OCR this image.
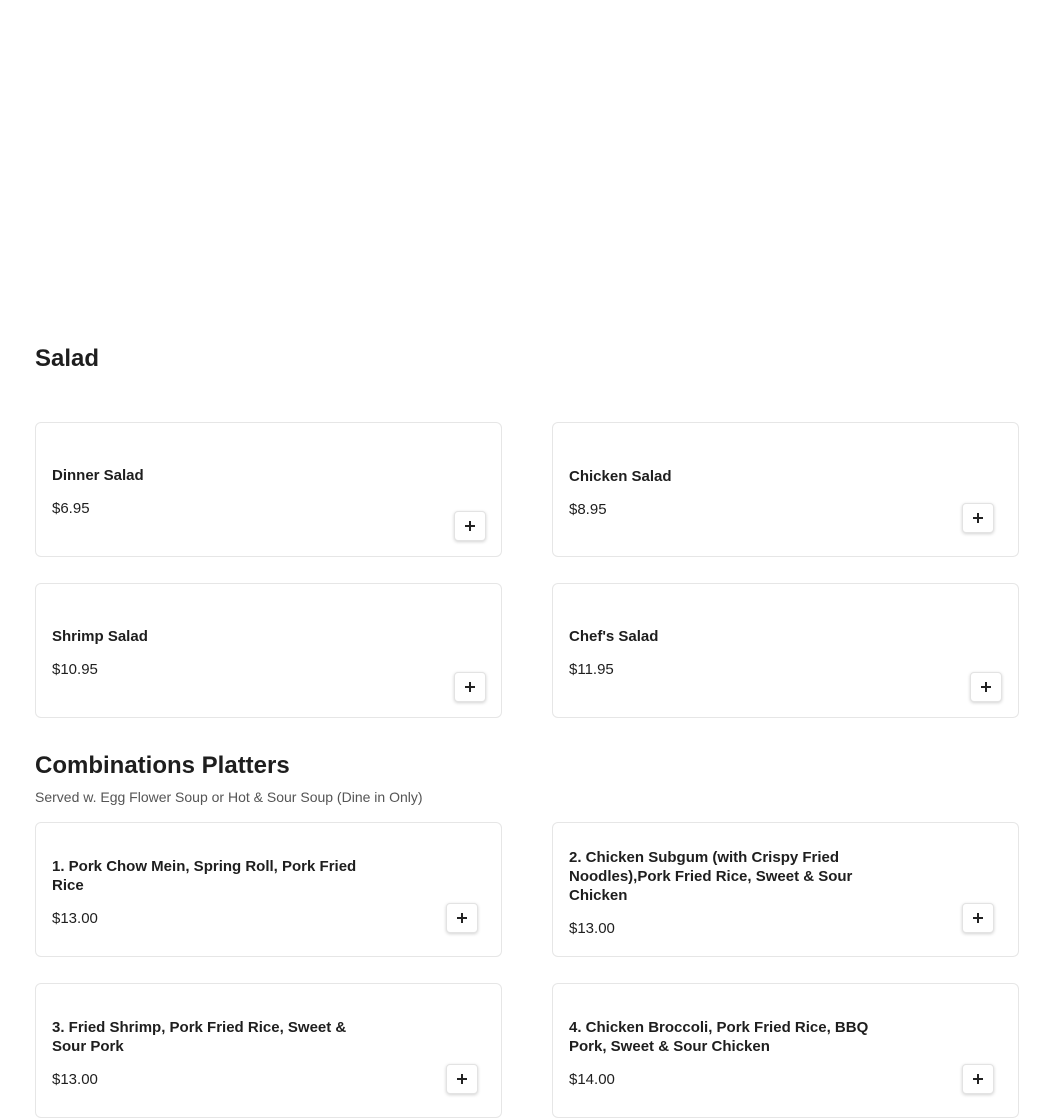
Salad
Dinner Salad
$6.95
Chicken Salad
$8.95
Shrimp Salad
$10.95
Chef's Salad
$11.95
Combinations Platters

Served w. Egg Flower Soup or Hot & Sour Soup (Dine in Only)

1. Pork Chow Mein, Spring Roll, Pork Fried Rice
$13.00
2. Chicken Subgum (with Crispy Fried Noodles),Pork Fried Rice, Sweet & Sour Chicken
$13.00
3. Fried Shrimp, Pork Fried Rice, Sweet & Sour Pork
$13.00
4. Chicken Broccoli, Pork Fried Rice, BBQ Pork, Sweet & Sour Chicken
$14.00
